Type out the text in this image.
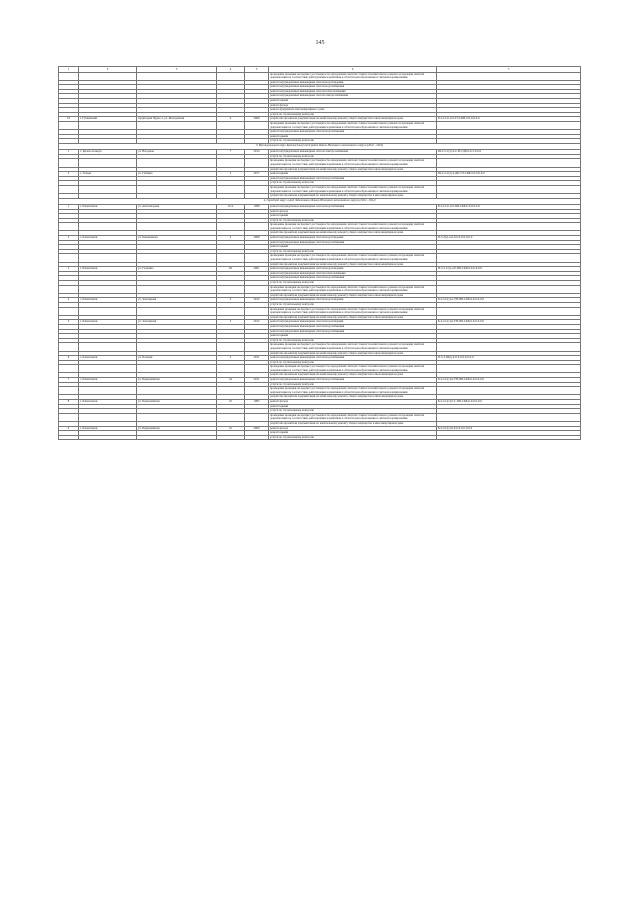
145
1	2	3	4	5	6	7
					проведение проверки на предмет достоверности определения сметной стоимости капитального ремонта и проверки сметной документации на соответствие действующим нормативам в области ценообразования в сметном нормировании	
					ремонт внутридомовых инженерных систем водоотведения	
					ремонт внутридомовых инженерных систем водоснабжения	
					ремонт внутридомовых инженерных систем теплоснабжения	
					ремонт внутридомовых инженерных систем электроснабжения	
					ремонт крыши	
					ремонт фасада	
					ремонт фундамента многоквартирного дома	
					услуги по строительному контролю	
19	г. Губкинский	территория Пурпе-1, ул. Молодежная	4	2008	разработка проектной документации на капитальному ремонту общего имущества в многоквартирном доме	Б-2-2-Сп-п-0-ТЭ-СКВ-0-0-0-0-0-0
					проведение проверки на предмет достоверности определения сметной стоимости капитального ремонта и проверки сметной документации на соответствие действующим нормативам в области ценообразования в сметном нормировании	
					ремонт внутридомовых инженерных систем водоснабжения	
					ремонт крыши	
					услуги по строительному контролю	
3. Муниципальный округ Красноселькупский район Ямало-Ненецкого автономного округа (2022 - 2024)						
1	с. Красноселькуп	ул. Нагорная	7	2014	ремонт внутридомовых инженерных систем электроснабжения	Ш-2-5-С(т)-п-С-Н-СДБ-0-0-5-0-0-0
					услуги по строительному контролю	
					проведение проверки на предмет достоверности определения сметной стоимости капитального ремонта и проверки сметной документации на соответствие действующим нормативам в области ценообразования в сметном нормировании	
					разработка проектной документации на капитальному ремонту общего имущества в многоквартирном доме	
2	с. Толька	ул. Губкина	2	2017	ремонт крыши	Ш-2-2-С(т)-п-ДК-ТЭ-СКБ-0-0-0-0-0-0
					ремонт внутридомовых инженерных систем водоснабжения	
					услуги по строительному контролю	
					проведение проверки на предмет достоверности определения сметной стоимости капитального ремонта и проверки сметной документации на соответствие действующим нормативам в области ценообразования в сметном нормировании	
					разработка проектной документации по капитальному ремонту общего имущества в многоквартирном доме	
4. Городской округ город Лабытнанги Ямало-Ненецкого автономного округа (2022 - 2024)						
1	г. Лабытнанги	ул. Автозаводная	10 А	1998	ремонт внутридомовых инженерных систем водоснабжения	Б-2-2-Сп-п-0-ПП-СКБ-0-0-0-0-0-0
					ремонт фасада	
					ремонт крыши	
					услуги по строительному контролю	
					проведение проверки на предмет достоверности определения сметной стоимости капитального ремонта и проверки сметной документации на соответствие действующим нормативам в области ценообразования в сметном нормировании	
					разработка проектной документации на капитальному ремонту общего имущества в многоквартирном доме	
2	г. Лабытнанги	ул. Бованенкова	4	2008	ремонт внутридомовых инженерных систем водоотведения	П-3-3(т)-п-0-0-0-0-0-0-0-0-0
					ремонт внутридомовых инженерных систем водоснабжения	
					ремонт крыши	
					услуги по строительному контролю	
					проведение проверки на предмет достоверности определения сметной стоимости капитального ремонта и проверки сметной документации на соответствие действующим нормативам в области ценообразования в сметном нормировании	
					разработка проектной документации на капитальному ремонту общего имущества в многоквартирном доме	
3	г. Лабытнанги	ул. Гагарина	26	2001	ремонт внутридомовых инженерных систем водоотведения	П-3-2-С(т)-п-0-ПП-СКБ-0-0-0-0-0-0
					ремонт внутридомовых инженерных систем теплоснабжения	
					ремонт внутридомовых инженерных систем водоснабжения	
					услуги по строительному контролю	
					проведение проверки на предмет достоверности определения сметной стоимости капитального ремонта и проверки сметной документации на соответствие действующим нормативам в области ценообразования в сметном нормировании	
					разработка проектной документации на капитальному ремонту общего имущества в многоквартирном доме	
4	г. Лабытнанги	ул. Заполярная	3	2012	ремонт внутридомовых инженерных систем водоотведения	Б-3-3-С(т)-п-УВ-ПП-СКБ-0-0-0-0-0-0
					услуги по строительному контролю	
					проведение проверки на предмет достоверности определения сметной стоимости капитального ремонта и проверки сметной документации на соответствие действующим нормативам в области ценообразования в сметном нормировании	
					разработка проектной документации на капитальному ремонту общего имущества в многоквартирном доме	
5	г. Лабытнанги	ул. Заполярная	5	2012	ремонт внутридомовых инженерных систем водоотведения	Б-3-4-С(т)-0-УВ-ПП-СКБ-0-0-0-0-0-0
					ремонт внутридомовых инженерных систем водоснабжения	
					ремонт внутридомовых инженерных систем водоснабжения	
					ремонт крыши	
					услуги по строительному контролю	
					проведение проверки на предмет достоверности определения сметной стоимости капитального ремонта и проверки сметной документации на соответствие действующим нормативам в области ценообразования в сметном нормировании	
					разработка проектной документации на капитальному ремонту общего имущества в многоквартирном доме	
6	г. Лабытнанги	ул. Полевая	3	2011	ремонт внутридомовых инженерных систем водоснабжения	П-3-3-Ш(т)-0-0-0-0-0-0-0-0-0
					услуги по строительному контролю	
					проведение проверки на предмет достоверности определения сметной стоимости капитального ремонта и проверки сметной документации на соответствие действующим нормативам в области ценообразования в сметном нормировании	
					разработка проектной документации на капитальному ремонту общего имущества в многоквартирном доме	
7	г. Лабытнанги	ул. Первомайская	24	2011	ремонт внутридомовых инженерных систем водоснабжения	Б-3-4-С(т)-0-УВ-ПП-СКБ-0-0-0-0-0-0
					услуги по строительному контролю	
					проведение проверки на предмет достоверности определения сметной стоимости капитального ремонта и проверки сметной документации на соответствие действующим нормативам в области ценообразования в сметном нормировании	
					разработка проектной документации на капитальному ремонту общего имущества в многоквартирном доме	
8	г. Лабытнанги	ул. Первомайская	25	1985	ремонт фасада	Б-5-4-С(т)-0-С-ПП-СКБ-0-0-0-0-0-0
					ремонт крыши	
					услуги по строительному контролю	
					проведение проверки на предмет достоверности определения сметной стоимости капитального ремонта и проверки сметной документации на соответствие действующим нормативам в области ценообразования в сметном нормировании	
					разработка проектной документации по капитальному ремонту общего имущества в многоквартирном доме	
9	г. Лабытнанги	ул. Первомайская	41	2009	ремонт фасада	Б-5-4-С(т)-0-0-0-0-0-0-0-0-0
					ремонт крыши	
					услуги по строительному контролю	
